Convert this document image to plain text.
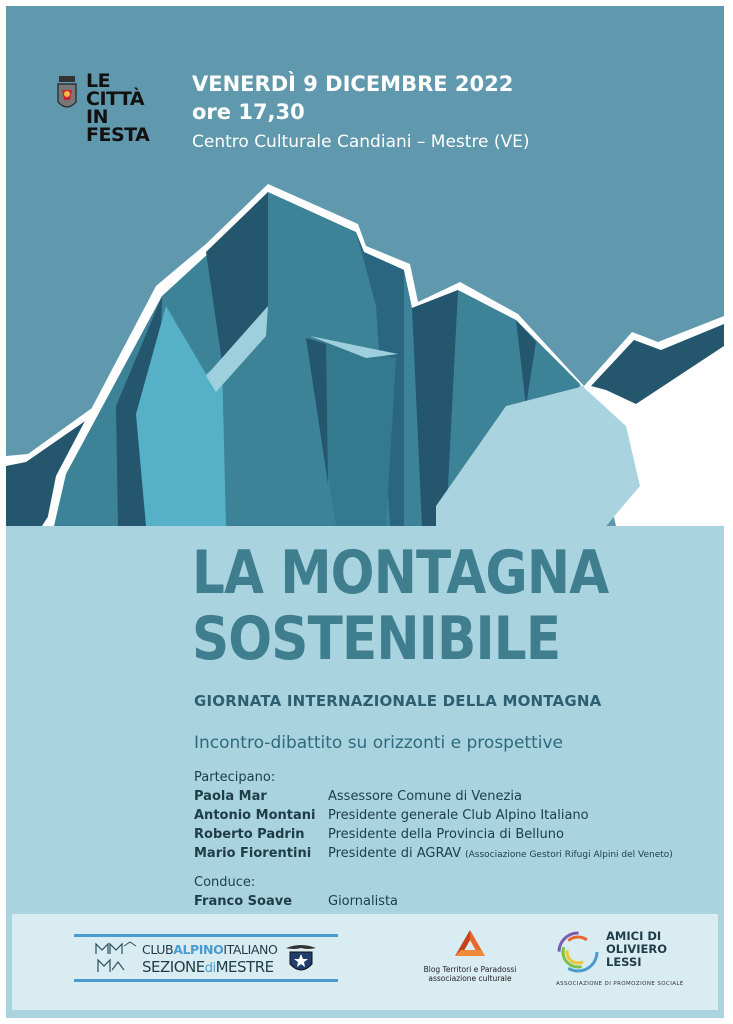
LE
CITTÀ
IN
FESTA
VENERDÌ 9 DICEMBRE 2022
ore 17,30
Centro Culturale Candiani – Mestre (VE)
LA MONTAGNA
SOSTENIBILE
GIORNATA INTERNAZIONALE DELLA MONTAGNA
Incontro-dibattito su orizzonti e prospettive
Partecipano:
Paola Mar	Assessore Comune di Venezia
Antonio Montani Presidente generale Club Alpino Italiano
Roberto Padrin	Presidente della Provincia di Belluno
Mario Fiorentini	Presidente di AGRAV (Associazione Gestori Rifugi Alpini del Veneto)
Conduce:
Franco Soave	Giornalista
CLUBALPINOITALIANO
SEZIONEdiMESTRE	Blog Territori e Paradossi
associazione culturale
AMICI DI
OLIVIERO
LESSI
ASSOCIAZIONE DI PROMOZIONE SOCIALE
